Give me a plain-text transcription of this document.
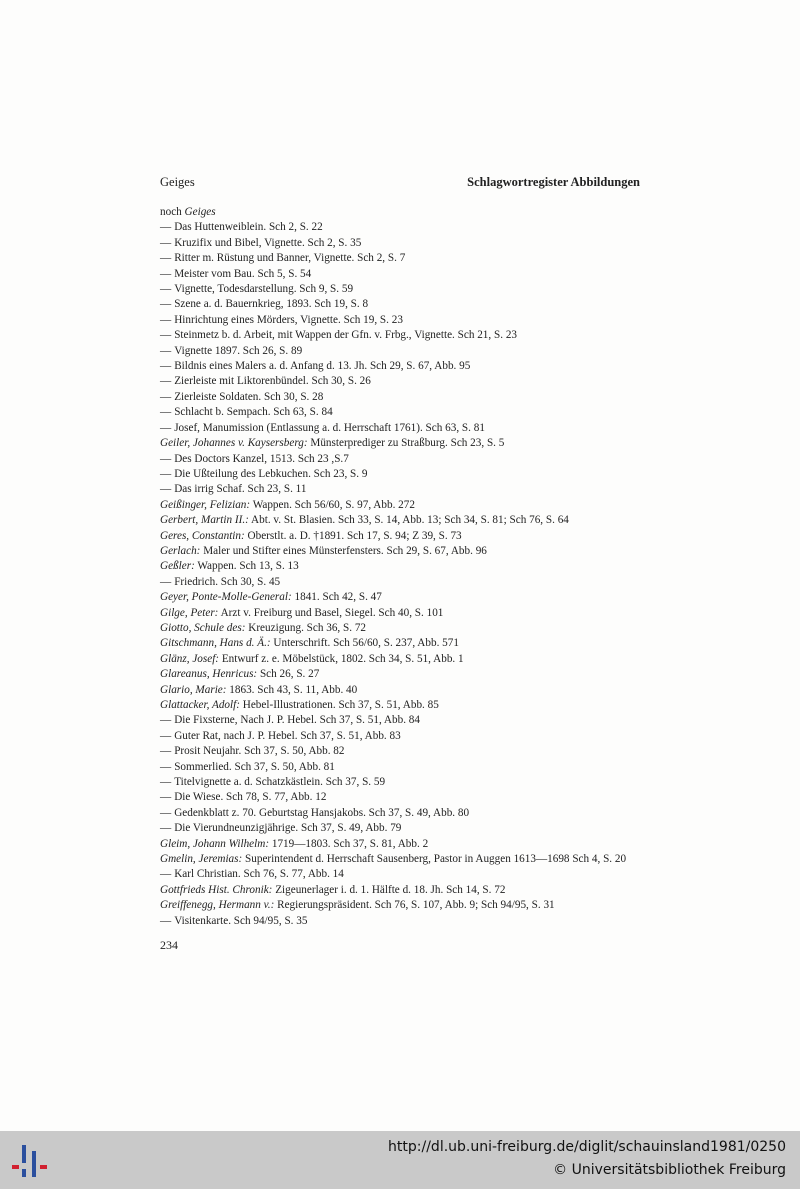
Geiges	Schlagwortregister Abbildungen
noch Geiges
— Das Huttenweiblein. Sch 2, S. 22
— Kruzifix und Bibel, Vignette. Sch 2, S. 35
— Ritter m. Rüstung und Banner, Vignette. Sch 2, S. 7
— Meister vom Bau. Sch 5, S. 54
— Vignette, Todesdarstellung. Sch 9, S. 59
— Szene a. d. Bauernkrieg, 1893. Sch 19, S. 8
— Hinrichtung eines Mörders, Vignette. Sch 19, S. 23
— Steinmetz b. d. Arbeit, mit Wappen der Gfn. v. Frbg., Vignette. Sch 21, S. 23
— Vignette 1897. Sch 26, S. 89
— Bildnis eines Malers a. d. Anfang d. 13. Jh. Sch 29, S. 67, Abb. 95
— Zierleiste mit Liktorenbündel. Sch 30, S. 26
— Zierleiste Soldaten. Sch 30, S. 28
— Schlacht b. Sempach. Sch 63, S. 84
— Josef, Manumission (Entlassung a. d. Herrschaft 1761). Sch 63, S. 81
Geiler, Johannes v. Kaysersberg: Münsterprediger zu Straßburg. Sch 23, S. 5
— Des Doctors Kanzel, 1513. Sch 23 ,S.7
— Die Ußteilung des Lebkuchen. Sch 23, S. 9
— Das irrig Schaf. Sch 23, S. 11
Geißinger, Felizian: Wappen. Sch 56/60, S. 97, Abb. 272
Gerbert, Martin II.: Abt. v. St. Blasien. Sch 33, S. 14, Abb. 13; Sch 34, S. 81; Sch 76, S. 64
Geres, Constantin: Oberstlt. a. D. †1891. Sch 17, S. 94; Z 39, S. 73
Gerlach: Maler und Stifter eines Münsterfensters. Sch 29, S. 67, Abb. 96
Geßler: Wappen. Sch 13, S. 13
— Friedrich. Sch 30, S. 45
Geyer, Ponte-Molle-General: 1841. Sch 42, S. 47
Gilge, Peter: Arzt v. Freiburg und Basel, Siegel. Sch 40, S. 101
Giotto, Schule des: Kreuzigung. Sch 36, S. 72
Gitschmann, Hans d. Ä.: Unterschrift. Sch 56/60, S. 237, Abb. 571
Glänz, Josef: Entwurf z. e. Möbelstück, 1802. Sch 34, S. 51, Abb. 1
Glareanus, Henricus: Sch 26, S. 27
Glario, Marie: 1863. Sch 43, S. 11, Abb. 40
Glattacker, Adolf: Hebel-Illustrationen. Sch 37, S. 51, Abb. 85
— Die Fixsterne, Nach J. P. Hebel. Sch 37, S. 51, Abb. 84
— Guter Rat, nach J. P. Hebel. Sch 37, S. 51, Abb. 83
— Prosit Neujahr. Sch 37, S. 50, Abb. 82
— Sommerlied. Sch 37, S. 50, Abb. 81
— Titelvignette a. d. Schatzkästlein. Sch 37, S. 59
— Die Wiese. Sch 78, S. 77, Abb. 12
— Gedenkblatt z. 70. Geburtstag Hansjakobs. Sch 37, S. 49, Abb. 80
— Die Vierundneunzigjährige. Sch 37, S. 49, Abb. 79
Gleim, Johann Wilhelm: 1719—1803. Sch 37, S. 81, Abb. 2
Gmelin, Jeremias: Superintendent d. Herrschaft Sausenberg, Pastor in Auggen 1613—1698 Sch 4, S. 20
— Karl Christian. Sch 76, S. 77, Abb. 14
Gottfrieds Hist. Chronik: Zigeunerlager i. d. 1. Hälfte d. 18. Jh. Sch 14, S. 72
Greiffenegg, Hermann v.: Regierungspräsident. Sch 76, S. 107, Abb. 9; Sch 94/95, S. 31
— Visitenkarte. Sch 94/95, S. 35
234
http://dl.ub.uni-freiburg.de/diglit/schauinsland1981/0250
© Universitätsbibliothek Freiburg
